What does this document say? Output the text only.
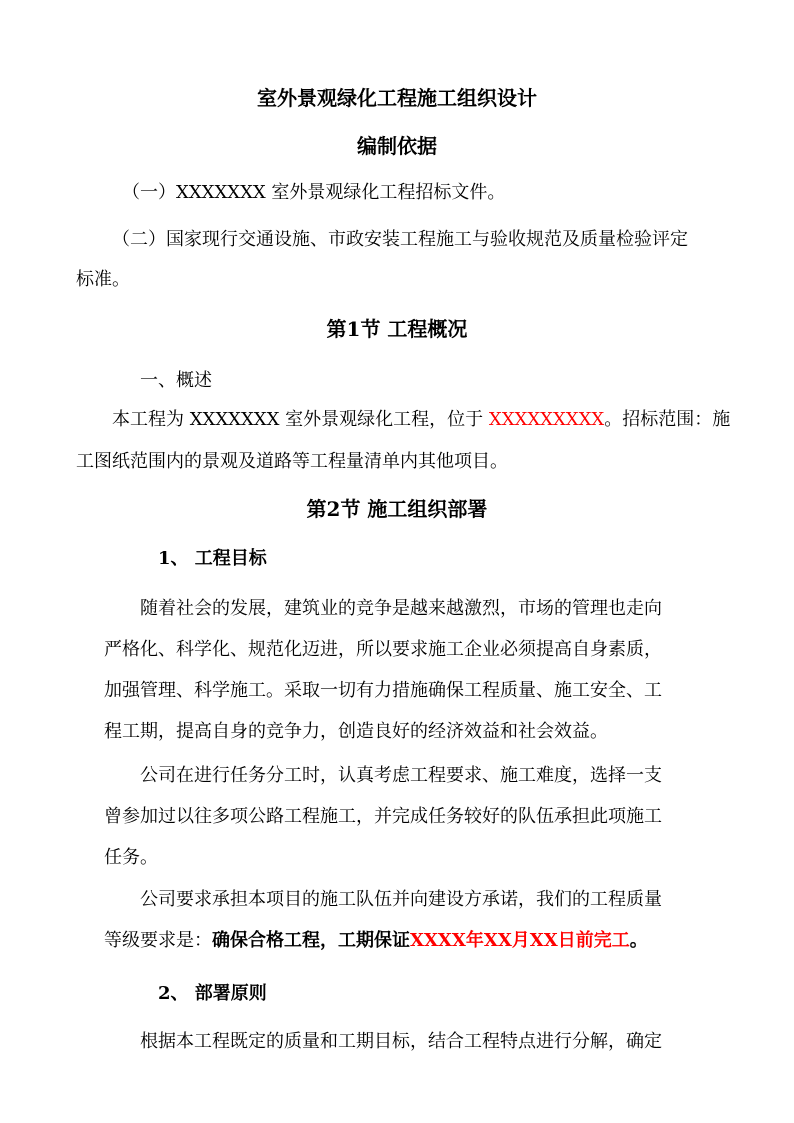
室外景观绿化工程施工组织设计
编制依据
（一）XXXXXXX 室外景观绿化工程招标文件。
（二）国家现行交通设施、市政安装工程施工与验收规范及质量检验评定
标准。
第1节 工程概况
一、概述
本工程为 XXXXXXX 室外景观绿化工程，位于 XXXXXXXXX。招标范围：施
工图纸范围内的景观及道路等工程量清单内其他项目。
第2节 施工组织部署
1、 工程目标
随着社会的发展，建筑业的竞争是越来越激烈，市场的管理也走向
严格化、科学化、规范化迈进，所以要求施工企业必须提高自身素质，
加强管理、科学施工。采取一切有力措施确保工程质量、施工安全、工
程工期，提高自身的竞争力，创造良好的经济效益和社会效益。
公司在进行任务分工时，认真考虑工程要求、施工难度，选择一支
曾参加过以往多项公路工程施工，并完成任务较好的队伍承担此项施工
任务。
公司要求承担本项目的施工队伍并向建设方承诺，我们的工程质量
等级要求是：确保合格工程，工期保证XXXX年XX月XX日前完工。
2、 部署原则
根据本工程既定的质量和工期目标，结合工程特点进行分解，确定
